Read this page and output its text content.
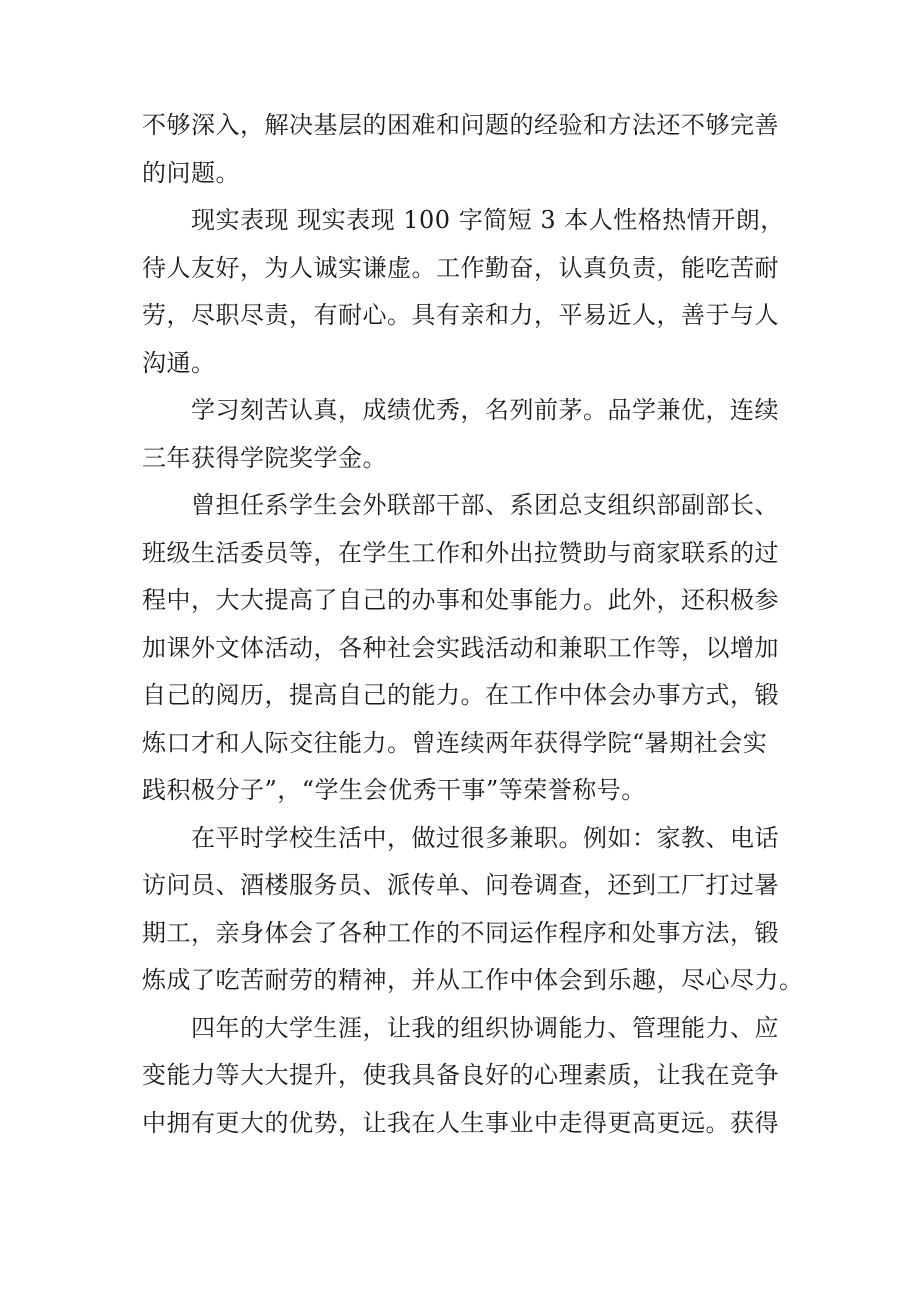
不够深入，解决基层的困难和问题的经验和方法还不够完善
的问题。
现实表现 现实表现 100 字简短 3 本人性格热情开朗，
待人友好，为人诚实谦虚。工作勤奋，认真负责，能吃苦耐
劳，尽职尽责，有耐心。具有亲和力，平易近人，善于与人
沟通。
学习刻苦认真，成绩优秀，名列前茅。品学兼优，连续
三年获得学院奖学金。
曾担任系学生会外联部干部、系团总支组织部副部长、
班级生活委员等，在学生工作和外出拉赞助与商家联系的过
程中，大大提高了自己的办事和处事能力。此外，还积极参
加课外文体活动，各种社会实践活动和兼职工作等，以增加
自己的阅历，提高自己的能力。在工作中体会办事方式，锻
炼口才和人际交往能力。曾连续两年获得学院“暑期社会实
践积极分子”，“学生会优秀干事”等荣誉称号。
在平时学校生活中，做过很多兼职。例如：家教、电话
访问员、酒楼服务员、派传单、问卷调查，还到工厂打过暑
期工，亲身体会了各种工作的不同运作程序和处事方法，锻
炼成了吃苦耐劳的精神，并从工作中体会到乐趣，尽心尽力。
四年的大学生涯，让我的组织协调能力、管理能力、应
变能力等大大提升，使我具备良好的心理素质，让我在竞争
中拥有更大的优势，让我在人生事业中走得更高更远。获得
